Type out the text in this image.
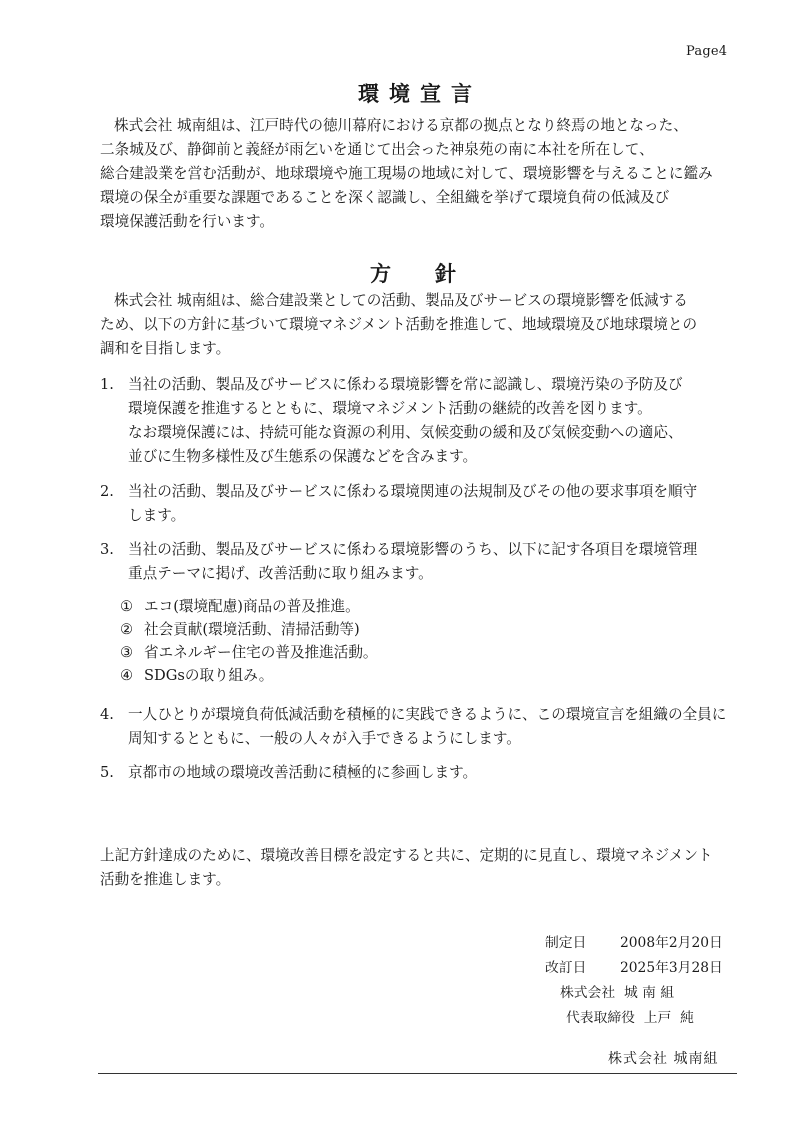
Page4
環境宣言

株式会社 城南組は、江戸時代の徳川幕府における京都の拠点となり終焉の地となった、

二条城及び、静御前と義経が雨乞いを通じて出会った神泉苑の南に本社を所在して、

総合建設業を営む活動が、地球環境や施工現場の地域に対して、環境影響を与えることに鑑み

環境の保全が重要な課題であることを深く認識し、全組織を挙げて環境負荷の低減及び

環境保護活動を行います。

方針

株式会社 城南組は、総合建設業としての活動、製品及びサービスの環境影響を低減する

ため、以下の方針に基づいて環境マネジメント活動を推進して、地域環境及び地球環境との

調和を目指します。

1. 当社の活動、製品及びサービスに係わる環境影響を常に認識し、環境汚染の予防及び

環境保護を推進するとともに、環境マネジメント活動の継続的改善を図ります。

なお環境保護には、持続可能な資源の利用、気候変動の緩和及び気候変動への適応、

並びに生物多様性及び生態系の保護などを含みます。

2. 当社の活動、製品及びサービスに係わる環境関連の法規制及びその他の要求事項を順守

します。

3. 当社の活動、製品及びサービスに係わる環境影響のうち、以下に記す各項目を環境管理

重点テーマに掲げ、改善活動に取り組みます。

① エコ(環境配慮)商品の普及推進。
② 社会貢献(環境活動、清掃活動等)
③ 省エネルギー住宅の普及推進活動。
④ SDGsの取り組み。
4. 一人ひとりが環境負荷低減活動を積極的に実践できるように、この環境宣言を組織の全員に

周知するとともに、一般の人々が入手できるようにします。

5. 京都市の地域の環境改善活動に積極的に参画します。

上記方針達成のために、環境改善目標を設定すると共に、定期的に見直し、環境マネジメント

活動を推進します。

制定日 2008年2月20日
改訂日 2025年3月28日
株式会社  城 南 組
代表取締役  上戸  純
株式会社 城南組
